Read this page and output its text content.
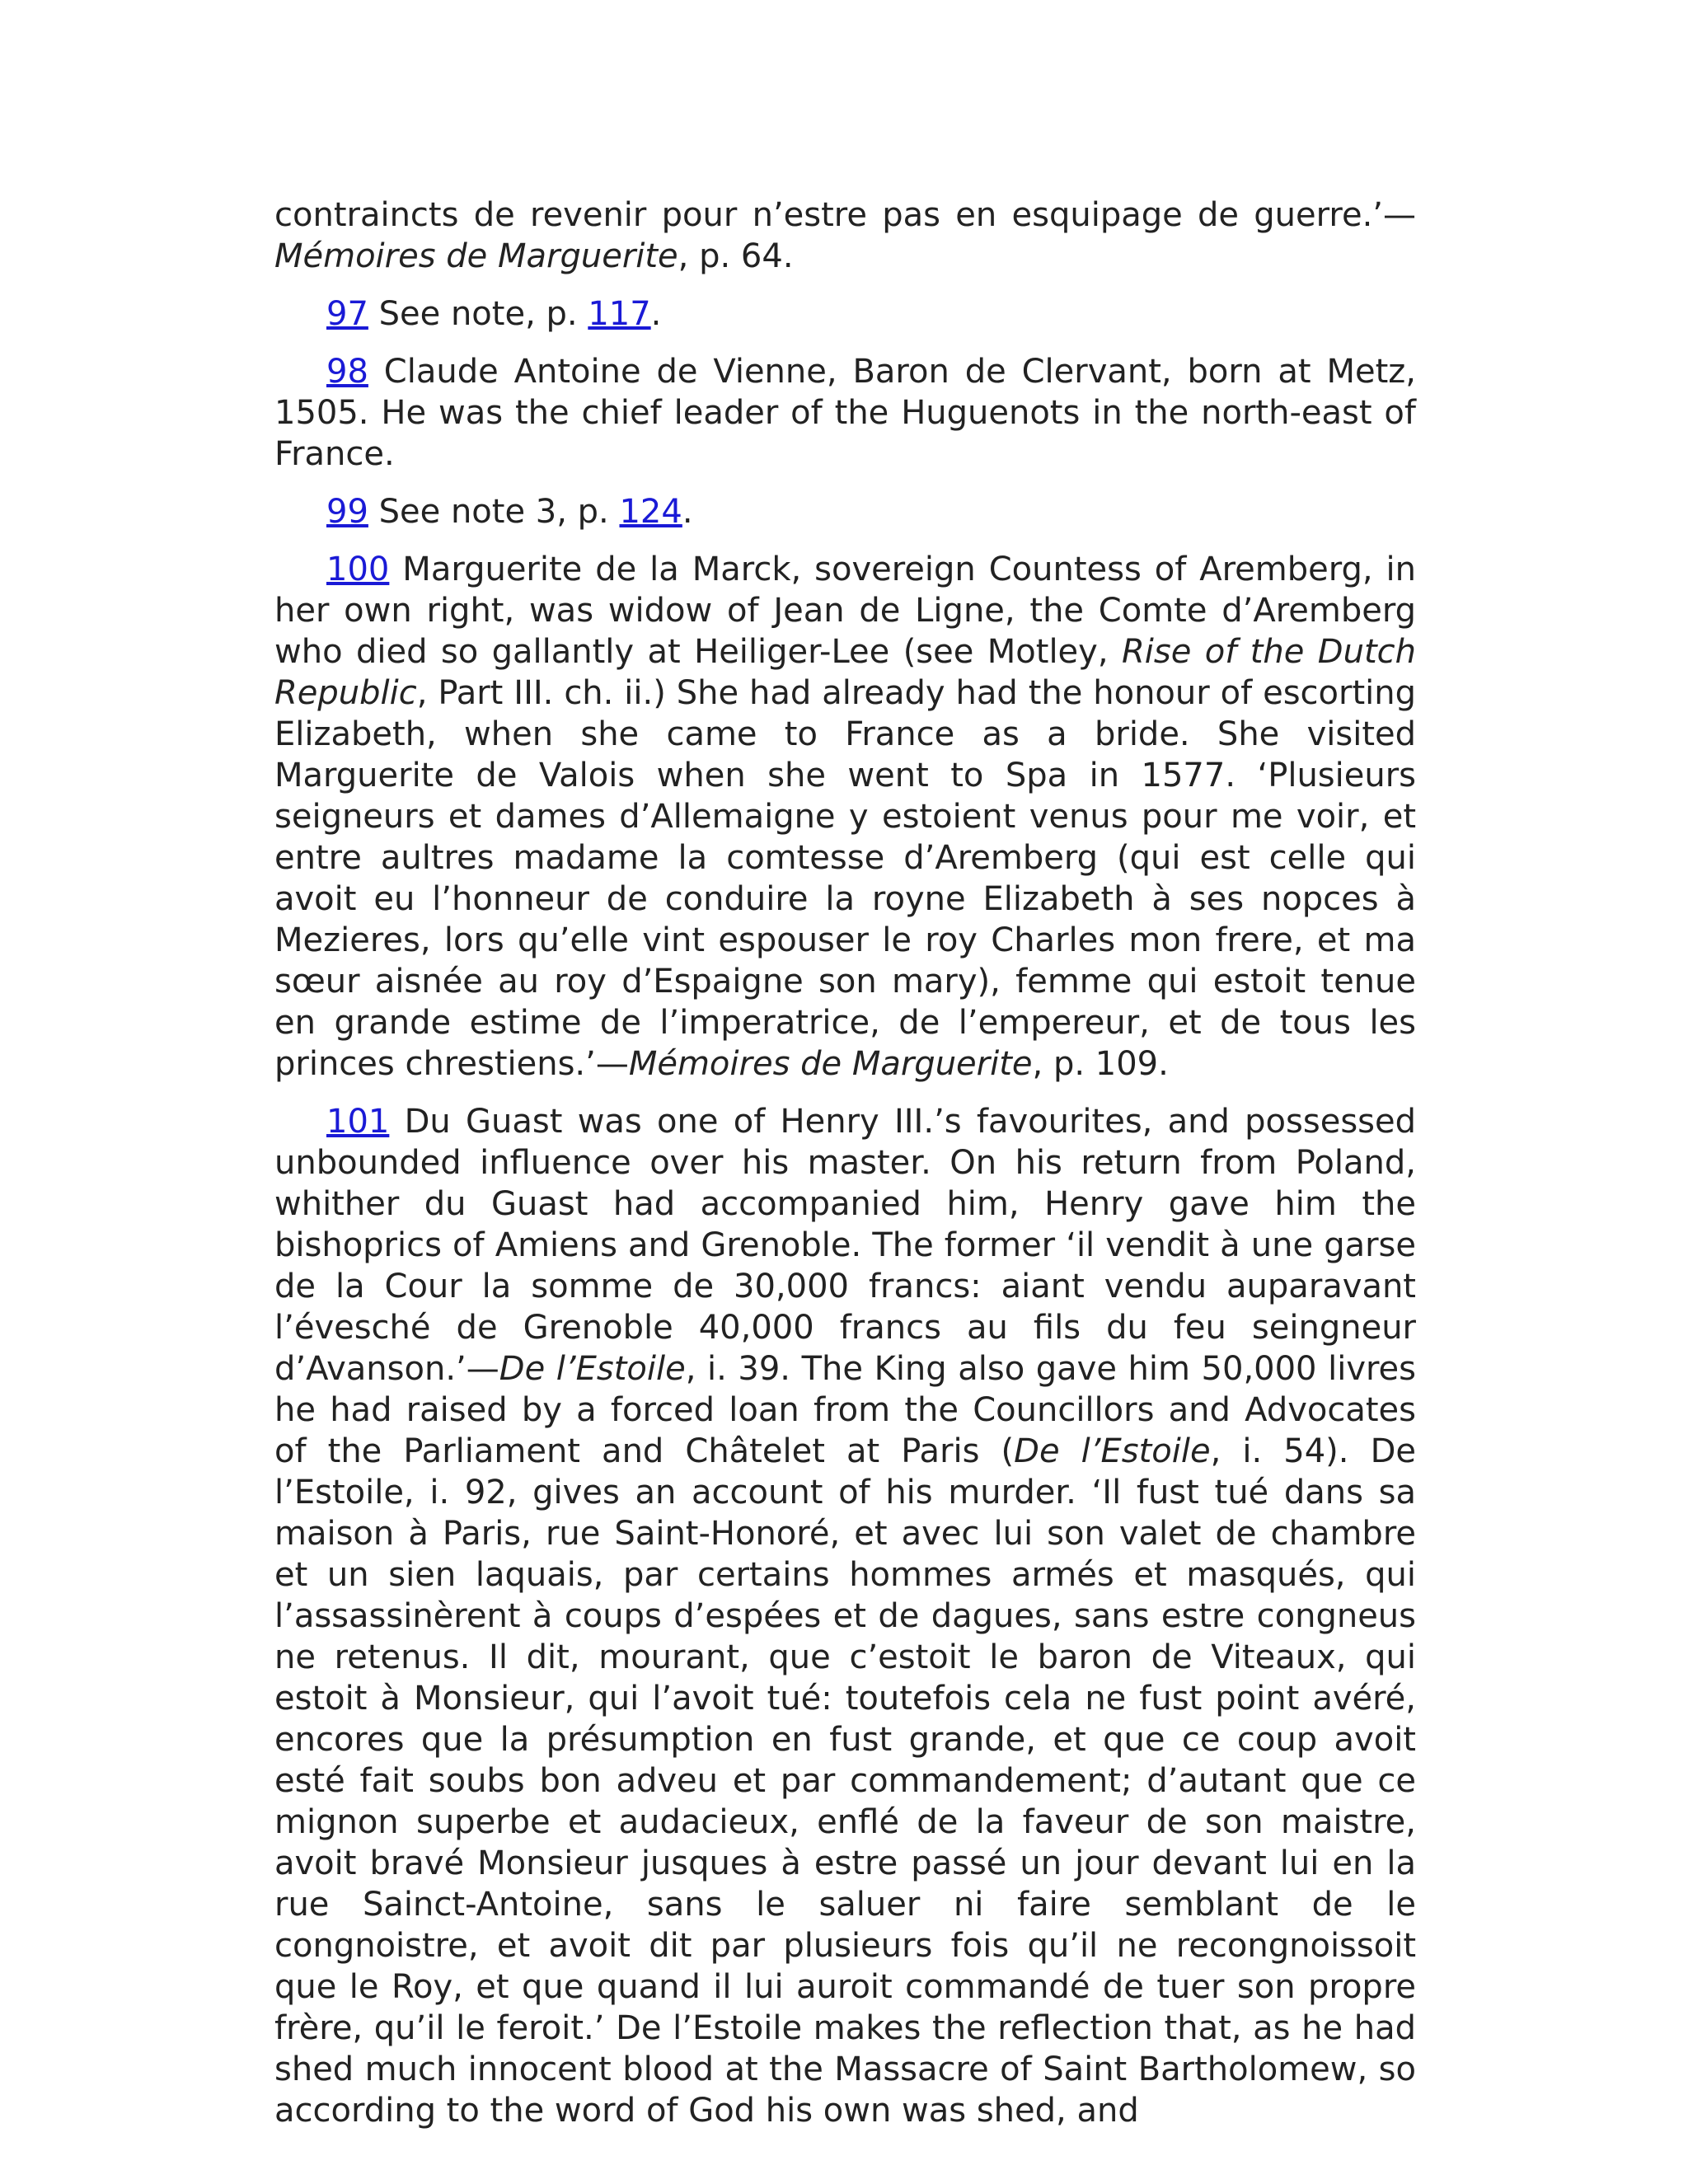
contraincts de revenir pour n’estre pas en esquipage de guerre.’—Mémoires de Marguerite, p. 64.

97 See note, p. 117.

98 Claude Antoine de Vienne, Baron de Clervant, born at Metz, 1505. He was the chief leader of the Huguenots in the north-east of France.

99 See note 3, p. 124.

100 Marguerite de la Marck, sovereign Countess of Aremberg, in her own right, was widow of Jean de Ligne, the Comte d’Aremberg who died so gallantly at Heiliger-Lee (see Motley, Rise of the Dutch Republic, Part III. ch. ii.) She had already had the honour of escorting Elizabeth, when she came to France as a bride. She visited Marguerite de Valois when she went to Spa in 1577. ‘Plusieurs seigneurs et dames d’Allemaigne y estoient venus pour me voir, et entre aultres madame la comtesse d’Aremberg (qui est celle qui avoit eu l’honneur de conduire la royne Elizabeth à ses nopces à Mezieres, lors qu’elle vint espouser le roy Charles mon frere, et ma sœur aisnée au roy d’Espaigne son mary), femme qui estoit tenue en grande estime de l’imperatrice, de l’empereur, et de tous les princes chrestiens.’—Mémoires de Marguerite, p. 109.

101 Du Guast was one of Henry III.’s favourites, and possessed unbounded influence over his master. On his return from Poland, whither du Guast had accompanied him, Henry gave him the bishoprics of Amiens and Grenoble. The former ‘il vendit à une garse de la Cour la somme de 30,000 francs: aiant vendu auparavant l’évesché de Grenoble 40,000 francs au fils du feu seingneur d’Avanson.’—De l’Estoile, i. 39. The King also gave him 50,000 livres he had raised by a forced loan from the Councillors and Advocates of the Parliament and Châtelet at Paris (De l’Estoile, i. 54). De l’Estoile, i. 92, gives an account of his murder. ‘Il fust tué dans sa maison à Paris, rue Saint-Honoré, et avec lui son valet de chambre et un sien laquais, par certains hommes armés et masqués, qui l’assassinèrent à coups d’espées et de dagues, sans estre congneus ne retenus. Il dit, mourant, que c’estoit le baron de Viteaux, qui estoit à Monsieur, qui l’avoit tué: toutefois cela ne fust point avéré, encores que la présumption en fust grande, et que ce coup avoit esté fait soubs bon adveu et par commandement; d’autant que ce mignon superbe et audacieux, enflé de la faveur de son maistre, avoit bravé Monsieur jusques à estre passé un jour devant lui en la rue Sainct-Antoine, sans le saluer ni faire semblant de le congnoistre, et avoit dit par plusieurs fois qu’il ne recongnoissoit que le Roy, et que quand il lui auroit commandé de tuer son propre frère, qu’il le feroit.’ De l’Estoile makes the reflection that, as he had shed much innocent blood at the Massacre of Saint Bartholomew, so according to the word of God his own was shed, and
